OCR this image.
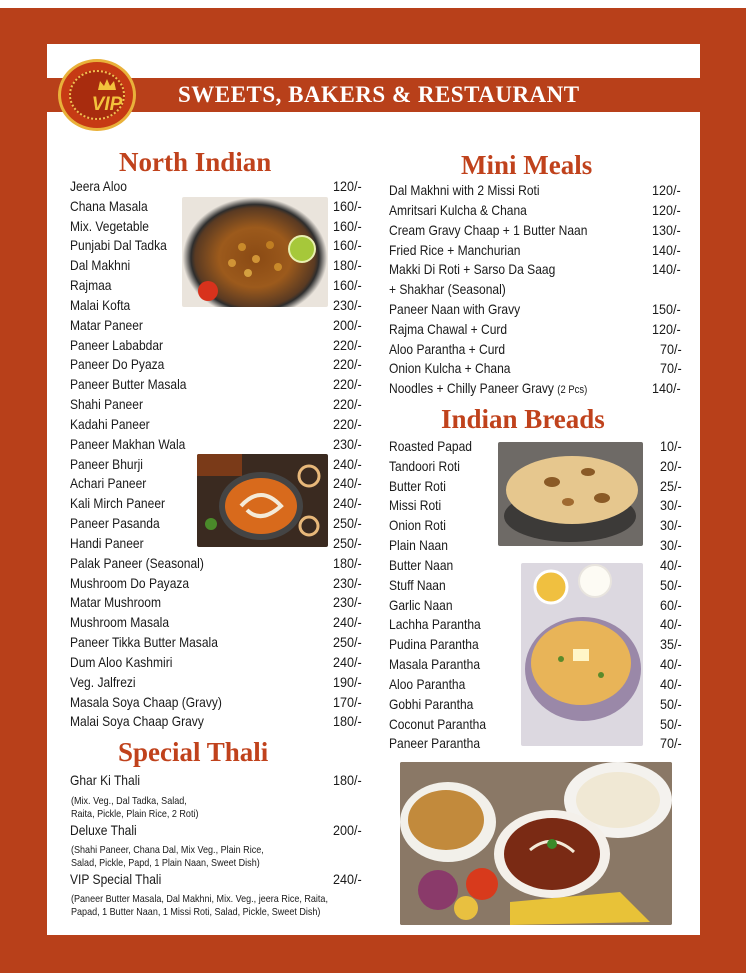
SWEETS, BAKERS & RESTAURANT
VIP
North Indian	Mini Meals
Indian Breads
Special Thali
Jeera Aloo	120/-
Chana Masala	160/-
Mix. Vegetable	160/-
Punjabi Dal Tadka	160/-
Dal Makhni	180/-
Rajmaa	160/-
Malai Kofta	230/-
Matar Paneer	200/-
Paneer Lababdar	220/-
Paneer Do Pyaza	220/-
Paneer Butter Masala	220/-
Shahi Paneer	220/-
Kadahi Paneer	220/-
Paneer Makhan Wala	230/-
Paneer Bhurji	240/-
Achari Paneer	240/-
Kali Mirch Paneer	240/-
Paneer Pasanda	250/-
Handi Paneer	250/-
Palak Paneer (Seasonal)	180/-
Mushroom Do Payaza	230/-
Matar Mushroom	230/-
Mushroom Masala	240/-
Paneer Tikka Butter Masala	250/-
Dum Aloo Kashmiri	240/-
Veg. Jalfrezi	190/-
Masala Soya Chaap (Gravy)	170/-
Malai Soya Chaap Gravy	180/-
Ghar Ki Thali	180/-
(Mix. Veg., Dal Tadka, Salad,
Raita, Pickle, Plain Rice, 2 Roti)
Deluxe Thali	200/-
(Shahi Paneer, Chana Dal, Mix Veg., Plain Rice,
Salad, Pickle, Papd, 1 Plain Naan, Sweet Dish)
VIP Special Thali	240/-
(Paneer Butter Masala, Dal Makhni, Mix. Veg., jeera Rice, Raita,
Papad, 1 Butter Naan, 1 Missi Roti, Salad, Pickle, Sweet Dish)
Dal Makhni with 2 Missi Roti	120/-
Amritsari Kulcha & Chana	120/-
Cream Gravy Chaap + 1 Butter Naan	130/-
Fried Rice + Manchurian	140/-
Makki Di Roti + Sarso Da Saag	140/-
+ Shakhar (Seasonal)
Paneer Naan with Gravy	150/-
Rajma Chawal + Curd	120/-
Aloo Parantha + Curd	70/-
Onion Kulcha + Chana	70/-
Noodles + Chilly Paneer Gravy (2 Pcs)	140/-
Roasted Papad	10/-
Tandoori Roti	20/-
Butter Roti	25/-
Missi Roti	30/-
Onion Roti	30/-
Plain Naan	30/-
Butter Naan	40/-
Stuff Naan	50/-
Garlic Naan	60/-
Lachha Parantha	40/-
Pudina Parantha	35/-
Masala Parantha	40/-
Aloo Parantha	40/-
Gobhi Parantha	50/-
Coconut Parantha	50/-
Paneer Parantha	70/-
